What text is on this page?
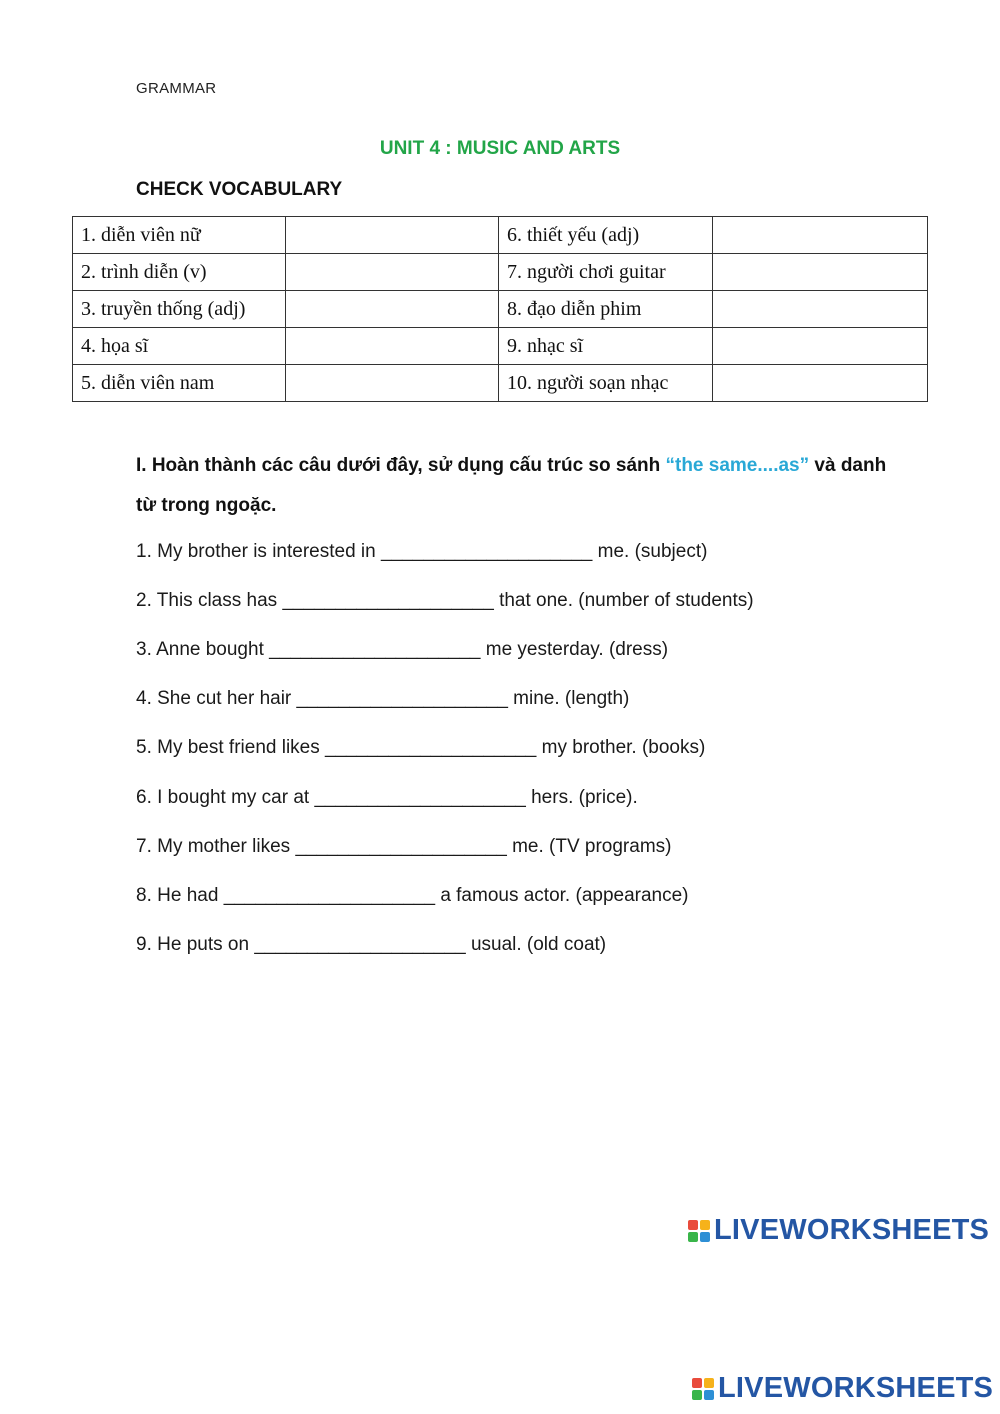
GRAMMAR
UNIT 4 : MUSIC AND ARTS
CHECK VOCABULARY
1. diễn viên nữ		6. thiết yếu (adj)	
2. trình diễn (v)		7. người chơi guitar	
3. truyền thống (adj)		8. đạo diễn phim	
4. họa sĩ		9. nhạc sĩ	
5. diễn viên nam		10. người soạn nhạc	
I. Hoàn thành các câu dưới đây, sử dụng cấu trúc so sánh “the same....as” và danh từ trong ngoặc.
1. My brother is interested in ____________________ me. (subject)
2. This class has ____________________ that one. (number of students)
3. Anne bought ____________________ me yesterday. (dress)
4. She cut her hair ____________________ mine. (length)
5. My best friend likes ____________________ my brother. (books)
6. I bought my car at ____________________ hers. (price).
7. My mother likes ____________________ me. (TV programs)
8. He had ____________________ a famous actor. (appearance)
9. He puts on ____________________ usual. (old coat)
LIVEWORKSHEETS
LIVEWORKSHEETS
